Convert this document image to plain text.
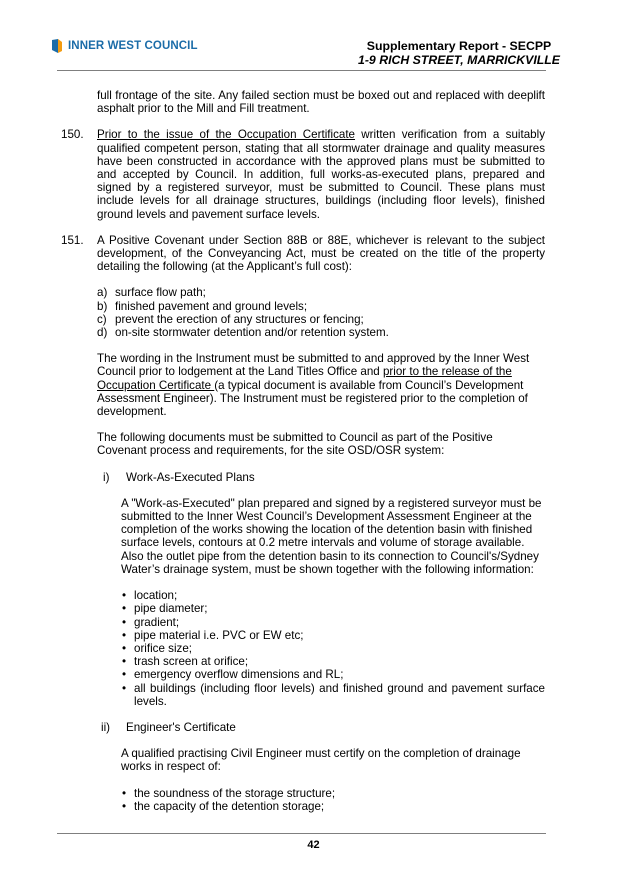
INNER WEST COUNCIL	Supplementary Report - SECPP
1-9 RICH STREET, MARRICKVILLE

full frontage of the site. Any failed section must be boxed out and replaced with deeplift asphalt prior to the Mill and Fill treatment.

150. Prior to the issue of the Occupation Certificate written verification from a suitably qualified competent person, stating that all stormwater drainage and quality measures have been constructed in accordance with the approved plans must be submitted to and accepted by Council. In addition, full works-as-executed plans, prepared and signed by a registered surveyor, must be submitted to Council. These plans must include levels for all drainage structures, buildings (including floor levels), finished ground levels and pavement surface levels.

151. A Positive Covenant under Section 88B or 88E, whichever is relevant to the subject development, of the Conveyancing Act, must be created on the title of the property detailing the following (at the Applicant’s full cost):

a) surface flow path;
b) finished pavement and ground levels;
c) prevent the erection of any structures or fencing;
d) on-site stormwater detention and/or retention system.

The wording in the Instrument must be submitted to and approved by the Inner West Council prior to lodgement at the Land Titles Office and prior to the release of the Occupation Certificate (a typical document is available from Council’s Development Assessment Engineer). The Instrument must be registered prior to the completion of development.

The following documents must be submitted to Council as part of the Positive Covenant process and requirements, for the site OSD/OSR system:

i) Work-As-Executed Plans

A "Work-as-Executed" plan prepared and signed by a registered surveyor must be submitted to the Inner West Council’s Development Assessment Engineer at the completion of the works showing the location of the detention basin with finished surface levels, contours at 0.2 metre intervals and volume of storage available. Also the outlet pipe from the detention basin to its connection to Council's/Sydney Water’s drainage system, must be shown together with the following information:

• location;
• pipe diameter;
• gradient;
• pipe material i.e. PVC or EW etc;
• orifice size;
• trash screen at orifice;
• emergency overflow dimensions and RL;
• all buildings (including floor levels) and finished ground and pavement surface levels.
ii) Engineer's Certificate

A qualified practising Civil Engineer must certify on the completion of drainage works in respect of:

• the soundness of the storage structure;
• the capacity of the detention storage;
42
